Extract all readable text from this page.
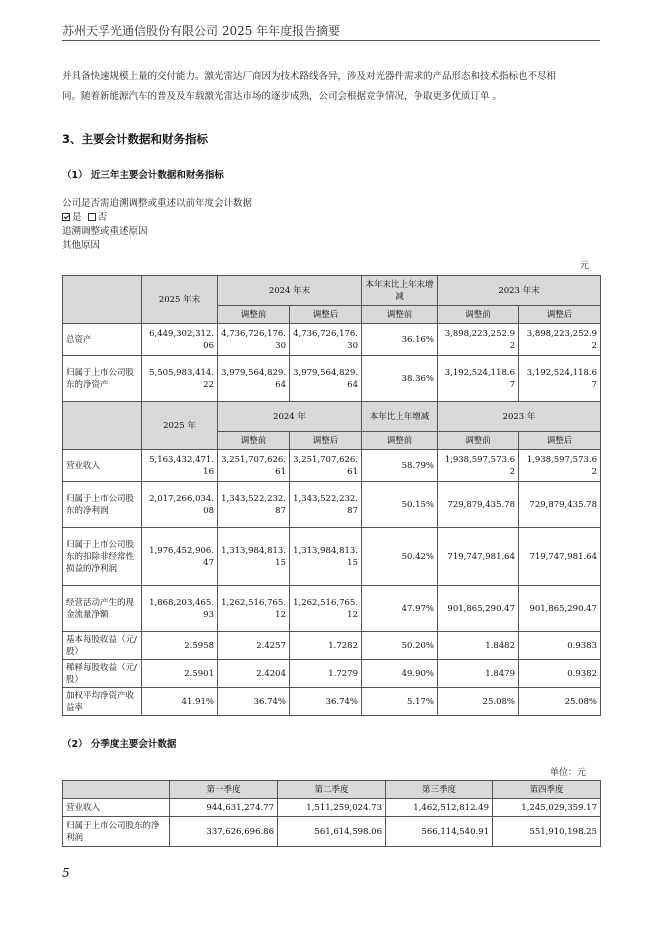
苏州天孚光通信股份有限公司 2025 年年度报告摘要
并具备快速规模上量的交付能力。激光雷达厂商因为技术路线各异，涉及对光器件需求的产品形态和技术指标也不尽相
同。随着新能源汽车的普及及车载激光雷达市场的逐步成熟，公司会根据竞争情况，争取更多优质订单 。
3、主要会计数据和财务指标
（1） 近三年主要会计数据和财务指标
公司是否需追溯调整或重述以前年度会计数据
是 否
追溯调整或重述原因
其他原因
元
	2025 年末	2024 年末		本年末比上年末增减	2023 年末	
		调整前	调整后	调整前	调整前	调整后
总资产	6,449,302,312.06	4,736,726,176.30	4,736,726,176.30	36.16%	3,898,223,252.92	3,898,223,252.92
归属于上市公司股东的净资产	5,505,983,414.22	3,979,564,829.64	3,979,564,829.64	38.36%	3,192,524,118.67	3,192,524,118.67
	2025 年	2024 年		本年比上年增减	2023 年	
		调整前	调整后	调整前	调整前	调整后
营业收入	5,163,432,471.16	3,251,707,626.61	3,251,707,626.61	58.79%	1,938,597,573.62	1,938,597,573.62
归属于上市公司股东的净利润	2,017,266,034.08	1,343,522,232.87	1,343,522,232.87	50.15%	729,879,435.78	729,879,435.78
归属于上市公司股东的扣除非经常性损益的净利润	1,976,452,906.47	1,313,984,813.15	1,313,984,813.15	50.42%	719,747,981.64	719,747,981.64
经营活动产生的现金流量净额	1,868,203,465.93	1,262,516,765.12	1,262,516,765.12	47.97%	901,865,290.47	901,865,290.47
基本每股收益（元/股）	2.5958	2.4257	1.7282	50.20%	1.8482	0.9383
稀释每股收益（元/股）	2.5901	2.4204	1.7279	49.90%	1.8479	0.9382
加权平均净资产收益率	41.91%	36.74%	36.74%	5.17%	25.08%	25.08%
（2） 分季度主要会计数据
单位：元
	第一季度	第二季度	第三季度	第四季度
营业收入	944,631,274.77	1,511,259,024.73	1,462,512,812.49	1,245,029,359.17
归属于上市公司股东的净利润	337,626,696.86	561,614,598.06	566,114,540.91	551,910,198.25
5
